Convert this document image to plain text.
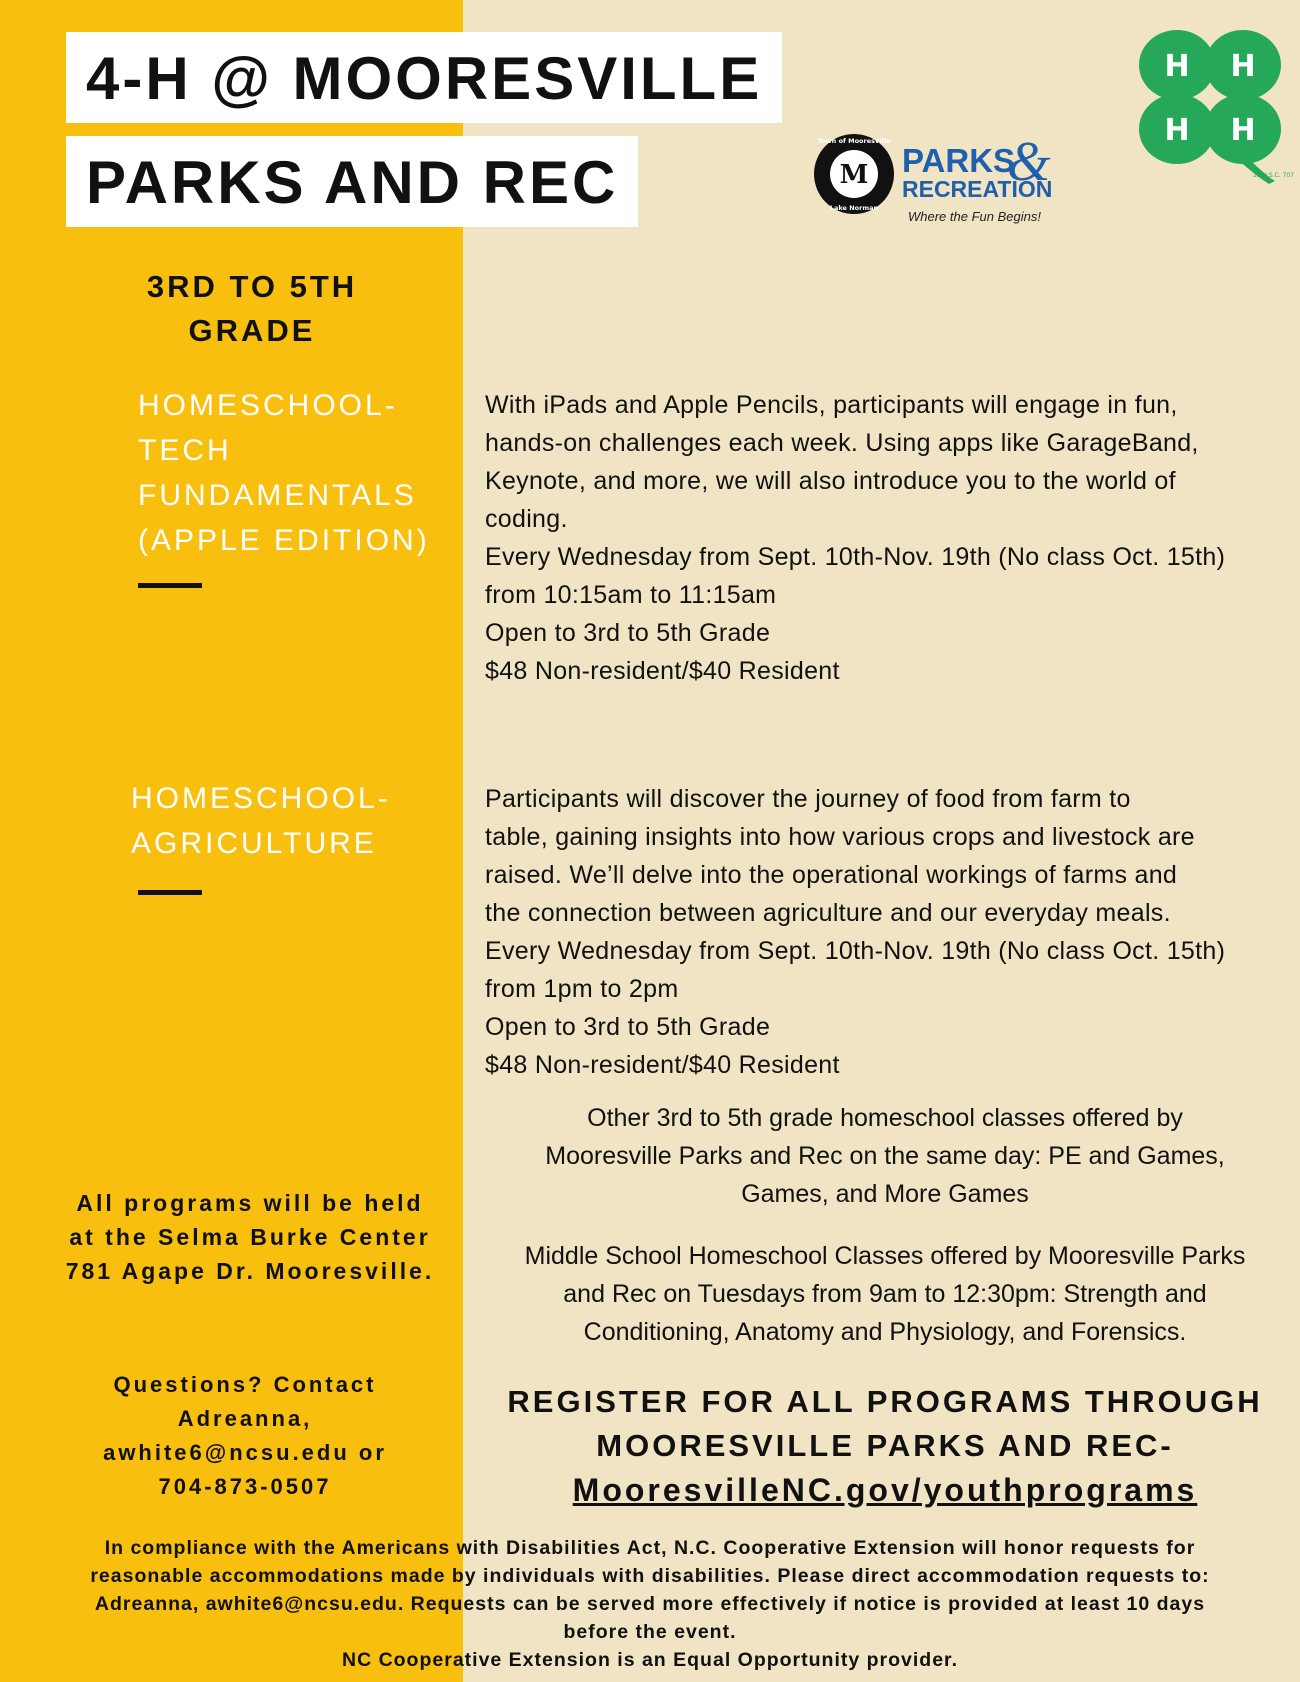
4-H @ MOORESVILLE
PARKS AND REC	M
Town of Mooresville
Lake Norman
PARKS
&
RECREATION
Where the Fun Begins!
H H
H H
18 U.S.C. 707
3RD TO 5TH GRADE
HOMESCHOOL-
TECH
FUNDAMENTALS
(APPLE EDITION)
With iPads and Apple Pencils, participants will engage in fun,
hands-on challenges each week. Using apps like GarageBand,
Keynote, and more, we will also introduce you to the world of
coding.
Every Wednesday from Sept. 10th-Nov. 19th (No class Oct. 15th)
from 10:15am to 11:15am
Open to 3rd to 5th Grade
$48 Non-resident/$40 Resident
HOMESCHOOL-
AGRICULTURE
Participants will discover the journey of food from farm to
table, gaining insights into how various crops and livestock are
raised. We’ll delve into the operational workings of farms and
the connection between agriculture and our everyday meals.
Every Wednesday from Sept. 10th-Nov. 19th (No class Oct. 15th)
from 1pm to 2pm
Open to 3rd to 5th Grade
$48 Non-resident/$40 Resident
Other 3rd to 5th grade homeschool classes offered by
Mooresville Parks and Rec on the same day: PE and Games,
Games, and More Games
Middle School Homeschool Classes offered by Mooresville Parks
and Rec on Tuesdays from 9am to 12:30pm: Strength and
Conditioning, Anatomy and Physiology, and Forensics.
All programs will be held
at the Selma Burke Center
781 Agape Dr. Mooresville.
Questions? Contact
Adreanna,
awhite6@ncsu.edu or
704-873-0507
REGISTER FOR ALL PROGRAMS THROUGH
MOORESVILLE PARKS AND REC-
MooresvilleNC.gov/youthprograms
In compliance with the Americans with Disabilities Act, N.C. Cooperative Extension will honor requests for
reasonable accommodations made by individuals with disabilities. Please direct accommodation requests to:
Adreanna, awhite6@ncsu.edu. Requests can be served more effectively if notice is provided at least 10 days
before the event.
NC Cooperative Extension is an Equal Opportunity provider.
